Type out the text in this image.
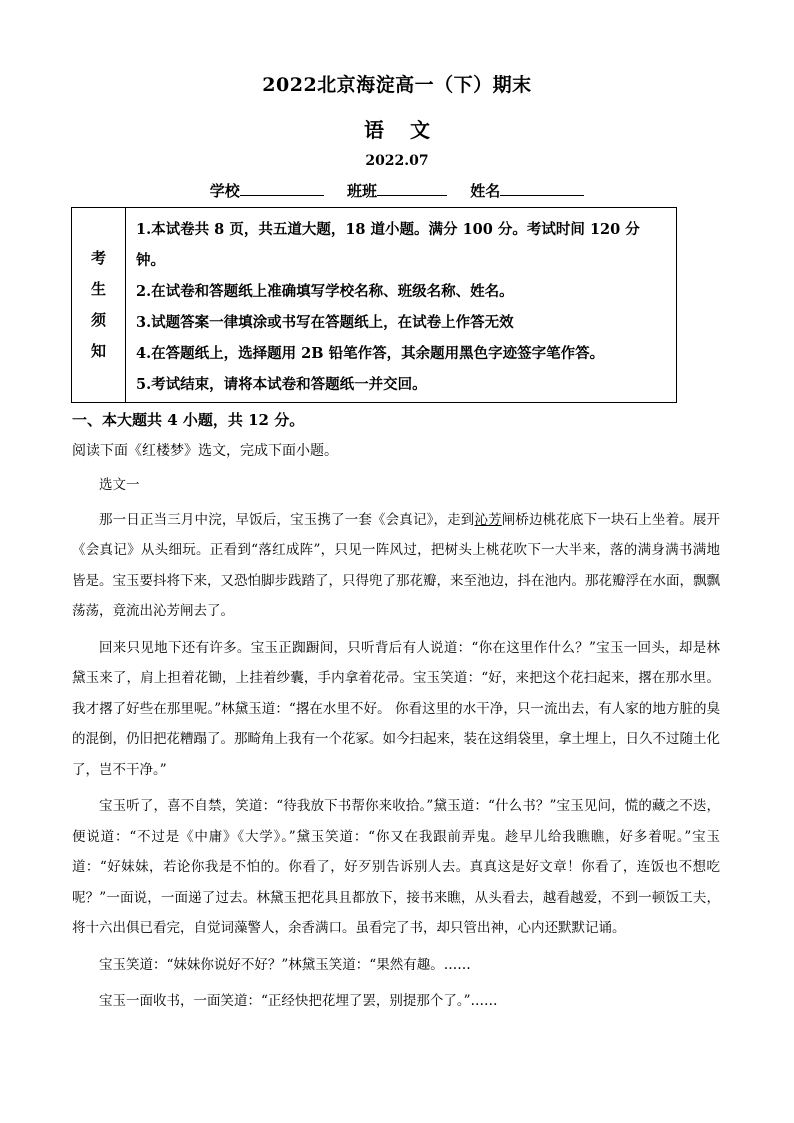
2022北京海淀高一（下）期末
语文
2022.07
学校	班班	姓名
考
生
须
知
1.本试卷共 8 页，共五道大题，18 道小题。满分 100 分。考试时间 120 分
钟。
2.在试卷和答题纸上准确填写学校名称、班级名称、姓名。
3.试题答案一律填涂或书写在答题纸上，在试卷上作答无效
4.在答题纸上，选择题用 2B 铅笔作答，其余题用黑色字迹签字笔作答。
5.考试结束，请将本试卷和答题纸一并交回。
一、本大题共 4 小题，共 12 分。
阅读下面《红楼梦》选文，完成下面小题。

选文一

那一日正当三月中浣，早饭后，宝玉携了一套《会真记》，走到沁芳闸桥边桃花底下一块石上坐着。展开《会真记》从头细玩。正看到“落红成阵”，只见一阵风过，把树头上桃花吹下一大半来，落的满身满书满地皆是。宝玉要抖将下来，又恐怕脚步践踏了，只得兜了那花瓣，来至池边，抖在池内。那花瓣浮在水面，飘飘荡荡，竟流出沁芳闸去了。

回来只见地下还有许多。宝玉正踟蹰间，只听背后有人说道：“你在这里作什么？”宝玉一回头，却是林黛玉来了，肩上担着花锄，上挂着纱囊，手内拿着花帚。宝玉笑道：“好，来把这个花扫起来，撂在那水里。我才撂了好些在那里呢。”林黛玉道：“撂在水里不好。 你看这里的水干净，只一流出去，有人家的地方脏的臭的混倒，仍旧把花糟蹋了。那畸角上我有一个花冢。如今扫起来，装在这绢袋里，拿土埋上，日久不过随土化了，岂不干净。”

宝玉听了，喜不自禁，笑道：“待我放下书帮你来收拾。”黛玉道：“什么书？”宝玉见问，慌的藏之不迭，便说道：“不过是《中庸》《大学》。”黛玉笑道：“你又在我跟前弄鬼。趁早儿给我瞧瞧，好多着呢。”宝玉道：“好妹妹，若论你我是不怕的。你看了，好歹别告诉别人去。真真这是好文章！你看了，连饭也不想吃呢？”一面说，一面递了过去。林黛玉把花具且都放下，接书来瞧，从头看去，越看越爱，不到一顿饭工夫，将十六出俱已看完，自觉词藻警人，余香满口。虽看完了书，却只管出神，心内还默默记诵。

宝玉笑道：“妹妹你说好不好？”林黛玉笑道：“果然有趣。……

宝玉一面收书，一面笑道：“正经快把花埋了罢，别提那个了。”……
